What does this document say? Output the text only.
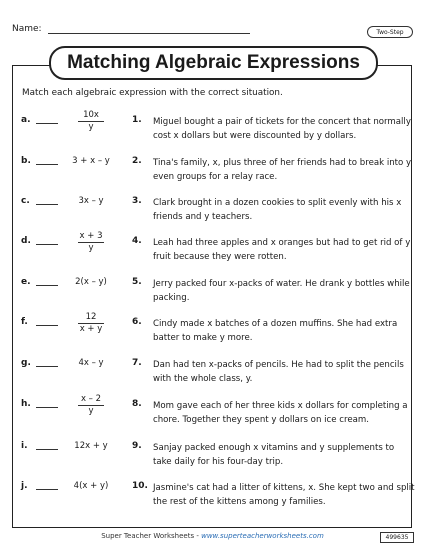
Name:	Two-Step
Matching Algebraic Expressions
Match each algebraic expression with the correct situation.
a.	10x
y
1. Miguel bought a pair of tickets for the concert that normally cost x dollars but were discounted by y dollars.
b.	3 + x – y	2. Tina's family, x, plus three of her friends had to break into y even groups for a relay race.
c.	3x – y	3. Clark brought in a dozen cookies to split evenly with his x friends and y teachers.
d.	x + 3
y
4. Leah had three apples and x oranges but had to get rid of y fruit because they were rotten.
e.	2(x – y)	5. Jerry packed four x-packs of water. He drank y bottles while packing.
f.	12
x + y
6. Cindy made x batches of a dozen muffins. She had extra batter to make y more.
g.	4x – y	7. Dan had ten x-packs of pencils. He had to split the pencils with the whole class, y.
h.	x – 2
y
8. Mom gave each of her three kids x dollars for completing a chore. Together they spent y dollars on ice cream.
i.	12x + y	9. Sanjay packed enough x vitamins and y supplements to take daily for his four-day trip.
j.	4(x + y)	10. Jasmine's cat had a litter of kittens, x. She kept two and split the rest of the kittens among y families.
Super Teacher Worksheets - www.superteacherworksheets.com	499635
